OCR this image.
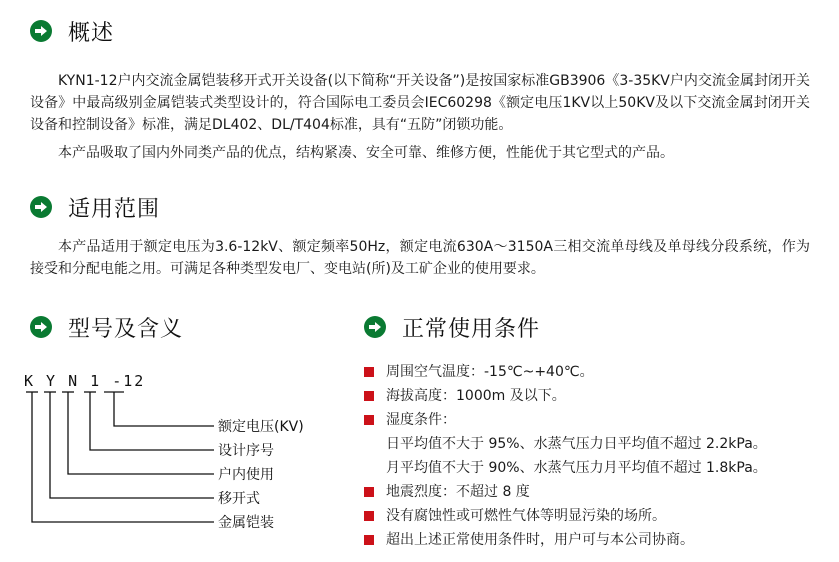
概述

KYN1-12户内交流金属铠装移开式开关设备(以下简称“开关设备”)是按国家标准GB3906《3-35KV户内交流金属封闭开关设备》中最高级别金属铠装式类型设计的，符合国际电工委员会IEC60298《额定电压1KV以上50KV及以下交流金属封闭开关设备和控制设备》标准，满足DL402、DL/T404标准，具有“五防”闭锁功能。

本产品吸取了国内外同类产品的优点，结构紧凑、安全可靠、维修方便，性能优于其它型式的产品。

适用范围

本产品适用于额定电压为3.6-12kV、额定频率50Hz，额定电流630A～3150A三相交流单母线及单母线分段系统，作为接受和分配电能之用。可满足各种类型发电厂、变电站(所)及工矿企业的使用要求。

型号及含义
K Y N 1 -12
额定电压(KV)
设计序号
户内使用
移开式
金属铠装
正常使用条件
周围空气温度：-15℃~+40℃。
海拔高度：1000m 及以下。
湿度条件：
日平均值不大于 95%、水蒸气压力日平均值不超过 2.2kPa。
月平均值不大于 90%、水蒸气压力月平均值不超过 1.8kPa。
地震烈度：不超过 8 度
没有腐蚀性或可燃性气体等明显污染的场所。
超出上述正常使用条件时，用户可与本公司协商。
